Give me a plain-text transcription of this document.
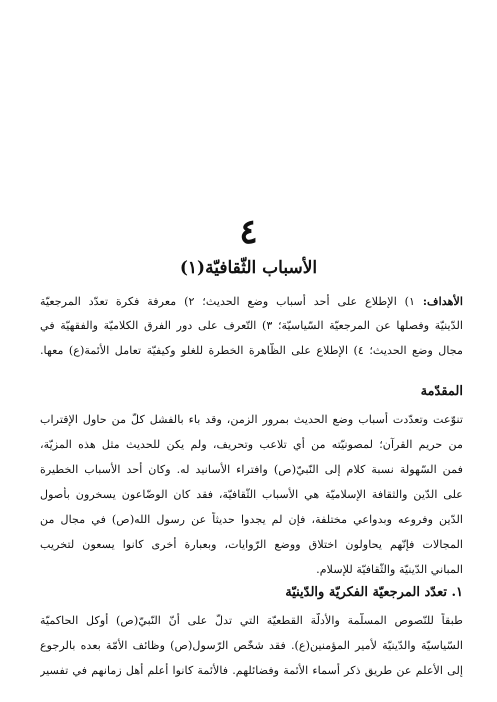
٤
الأسباب الثّقافيّة(١)
الأهداف: ١) الإطلاع على أحد أسباب وضع الحديث؛ ٢) معرفة فكرة تعدّد المرجعيّة
الدّينيّة وفصلها عن المرجعيّة السّياسيّة؛ ٣) التّعرف على دور الفرق الكلاميّة والفقهيّة في
مجال وضع الحديث؛ ٤) الإطلاع على الظّاهرة الخطرة للغلو وكيفيّة تعامل الأئمة(ع) معها.
المقدّمة
تنوّعت وتعدّدت أسباب وضع الحديث بمرور الزمن، وقد باء بالفشل كلّ من حاول الإقتراب
من حريم القرآن؛ لمصونيّته من أي تلاعب وتحريف، ولم يكن للحديث مثل هذه المزيّة،
فمن السّهولة نسبة كلام إلى النّبيّ(ص) وافتراء الأسانيد له. وكان أحد الأسباب الخطيرة
على الدّين والثقافة الإسلاميّة هي الأسباب الثّقافيّة، فقد كان الوضّاعون يسخرون بأصول
الدّين وفروعه وبدواعي مختلفة، فإن لم يجدوا حديثاً عن رسول الله(ص) في مجال من
المجالات فإنّهم يحاولون اختلاق ووضع الرّوايات، وبعبارة أخرى كانوا يسعون لتخريب
المباني الدّينيّة والثّقافيّة للإسلام.
١. تعدّد المرجعيّة الفكريّة والدّينيّة
طبقاً للنّصوص المسلّمة والأدلّة القطعيّة التي تدلّ على أنّ النّبيّ(ص) أوكل الحاكميّة
السّياسيّة والدّينيّة لأمير المؤمنين(ع). فقد شخّص الرّسول(ص) وظائف الأمّة بعده بالرجوع
إلى الأعلم عن طريق ذكر أسماء الأئمة وفضائلهم. فالأئمة كانوا أعلم أهل زمانهم في تفسير
